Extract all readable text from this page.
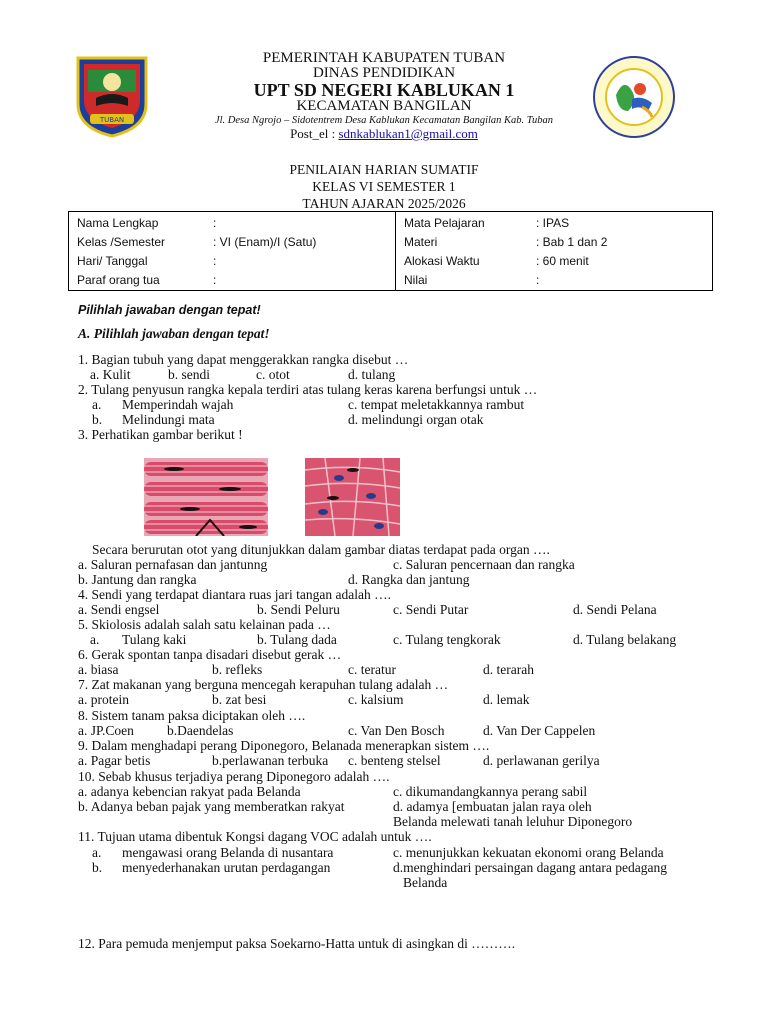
TUBAN
PEMERINTAH KABUPATEN TUBAN
DINAS PENDIDIKAN
UPT SD NEGERI KABLUKAN 1
KECAMATAN BANGILAN
Jl. Desa Ngrojo – Sidotentrem Desa Kablukan Kecamatan Bangilan Kab. Tuban
Post_el : sdnkablukan1@gmail.com
PENILAIAN HARIAN SUMATIF
KELAS VI SEMESTER 1
TAHUN AJARAN 2025/2026
Nama Lengkap	:
Kelas /Semester	: VI (Enam)/I (Satu)
Hari/ Tanggal	:
Paraf orang tua	:

Mata Pelajaran	: IPAS
Materi	: Bab 1 dan 2
Alokasi Waktu	: 60 menit
Nilai	:
Pilihlah jawaban dengan tepat!
A. Pilihlah jawaban dengan tepat!
1. Bagian tubuh yang dapat menggerakkan rangka disebut …
a. Kulit	b. sendi	c. otot	d. tulang
2. Tulang penyusun rangka kepala terdiri atas tulang keras karena berfungsi untuk …
a. Memperindah wajah	c. tempat meletakkannya rambut
b. Melindungi mata	d. melindungi organ otak
3. Perhatikan gambar berikut !
Secara berurutan otot yang ditunjukkan dalam gambar diatas terdapat pada organ ….
a. Saluran pernafasan dan jantunng	c. Saluran pencernaan dan rangka
b. Jantung dan rangka	d. Rangka dan jantung
4. Sendi yang terdapat diantara ruas jari tangan adalah ….
a. Sendi engsel	b. Sendi Peluru	c. Sendi Putar	d. Sendi Pelana
5. Skiolosis adalah salah satu kelainan pada …
a. Tulang kaki	b. Tulang dada	c. Tulang tengkorak	d. Tulang belakang
6. Gerak spontan tanpa disadari disebut gerak …
a. biasa	b. refleks	c. teratur	d. terarah
7. Zat makanan yang berguna mencegah kerapuhan tulang adalah …
a. protein	b. zat besi	c. kalsium	d. lemak
8. Sistem tanam paksa diciptakan oleh ….
a. JP.Coen b.Daendelas	c. Van Den Bosch	d. Van Der Cappelen
9. Dalam menghadapi perang Diponegoro, Belanada menerapkan sistem ….
a. Pagar betis	b.perlawanan terbuka c. benteng stelsel	d. perlawanan gerilya
10. Sebab khusus terjadiya perang Diponegoro adalah ….
a. adanya kebencian rakyat pada Belanda	c. dikumandangkannya perang sabil
b. Adanya beban pajak yang memberatkan rakyat	d. adamya [embuatan jalan raya oleh
Belanda melewati tanah leluhur Diponegoro
11. Tujuan utama dibentuk Kongsi dagang VOC adalah untuk ….
a. mengawasi orang Belanda di nusantara	c. menunjukkan kekuatan ekonomi orang Belanda
b. menyederhanakan urutan perdagangan	d.menghindari persaingan dagang antara pedagang
Belanda
12. Para pemuda menjemput paksa Soekarno-Hatta untuk di asingkan di ……….
